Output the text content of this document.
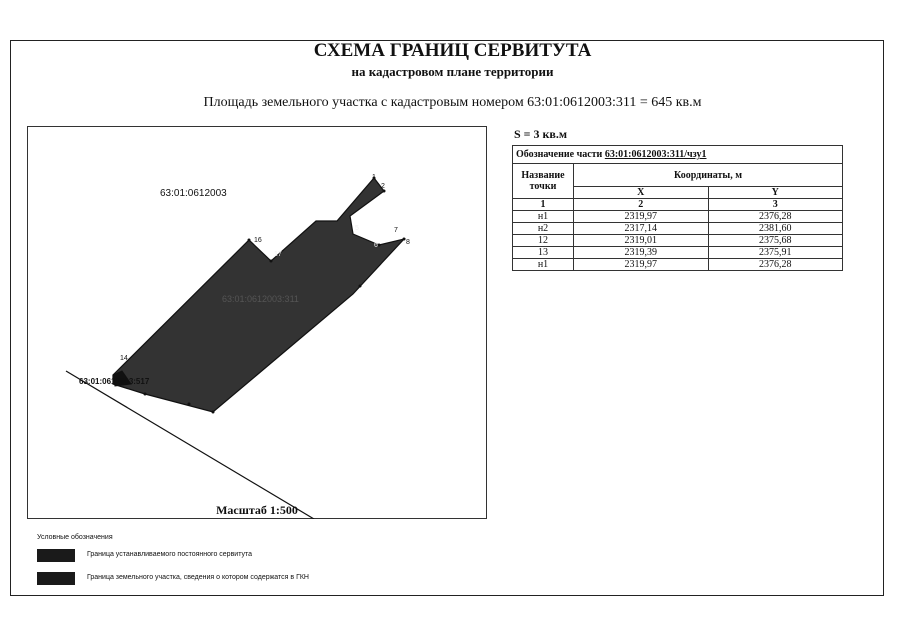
СХЕМА ГРАНИЦ СЕРВИТУТА
на кадастровом плане территории
Площадь земельного участка с кадастровым номером 63:01:0612003:311 = 645 кв.м
63:01:0612003
63:01:0612003:311
63:01:0612003:517
1
2
5
6
7
8
16
17
14
Масштаб 1:500
S = 3 кв.м
Обозначение части 63:01:0612003:311/чзу1		
Название точки	Координаты, м	
	X	Y
1	2	3
н1	2319,97	2376,28
н2	2317,14	2381,60
12	2319,01	2375,68
13	2319,39	2375,91
н1	2319,97	2376,28
Условные обозначения
Граница устанавливаемого постоянного сервитута
Граница земельного участка, сведения о котором содержатся в ГКН
